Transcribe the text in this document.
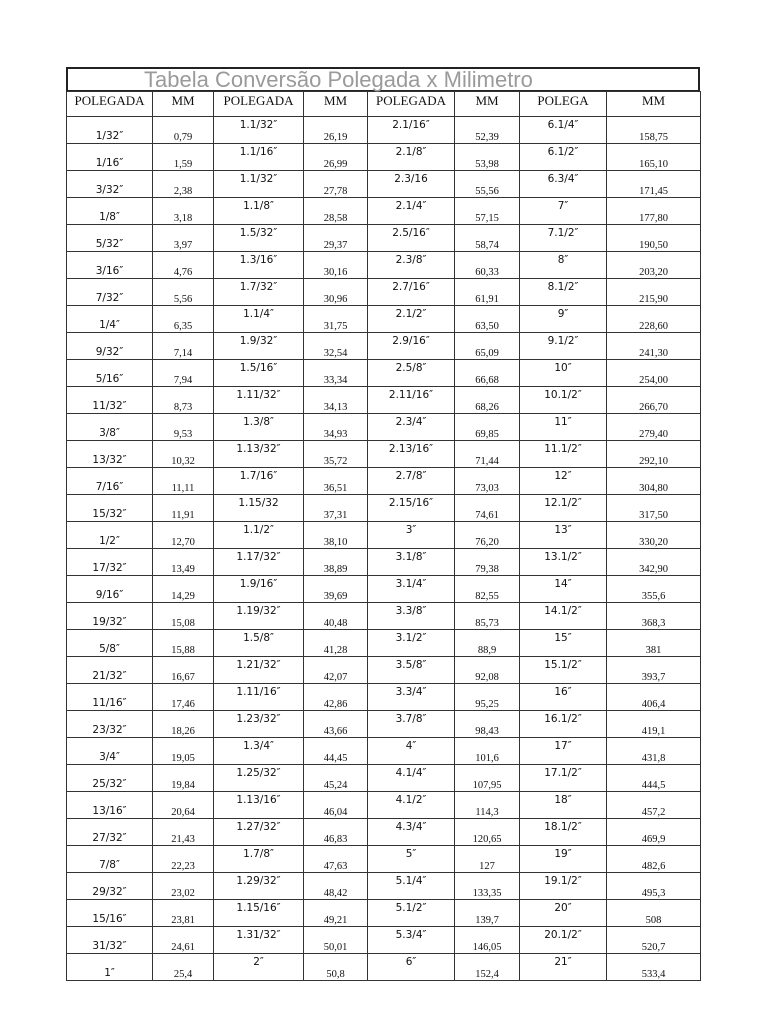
Tabela Conversão Polegada x Milimetro
POLEGADA	MM	POLEGADA	MM	POLEGADA	MM	POLEGA	MM
1/32″	0,79	1.1/32″	26,19	2.1/16″	52,39	6.1/4″	158,75
1/16″	1,59	1.1/16″	26,99	2.1/8″	53,98	6.1/2″	165,10
3/32″	2,38	1.1/32″	27,78	2.3/16	55,56	6.3/4″	171,45
1/8″	3,18	1.1/8″	28,58	2.1/4″	57,15	7″	177,80
5/32″	3,97	1.5/32″	29,37	2.5/16″	58,74	7.1/2″	190,50
3/16″	4,76	1.3/16″	30,16	2.3/8″	60,33	8″	203,20
7/32″	5,56	1.7/32″	30,96	2.7/16″	61,91	8.1/2″	215,90
1/4″	6,35	1.1/4″	31,75	2.1/2″	63,50	9″	228,60
9/32″	7,14	1.9/32″	32,54	2.9/16″	65,09	9.1/2″	241,30
5/16″	7,94	1.5/16″	33,34	2.5/8″	66,68	10″	254,00
11/32″	8,73	1.11/32″	34,13	2.11/16″	68,26	10.1/2″	266,70
3/8″	9,53	1.3/8″	34,93	2.3/4″	69,85	11″	279,40
13/32″	10,32	1.13/32″	35,72	2.13/16″	71,44	11.1/2″	292,10
7/16″	11,11	1.7/16″	36,51	2.7/8″	73,03	12″	304,80
15/32″	11,91	1.15/32	37,31	2.15/16″	74,61	12.1/2″	317,50
1/2″	12,70	1.1/2″	38,10	3″	76,20	13″	330,20
17/32″	13,49	1.17/32″	38,89	3.1/8″	79,38	13.1/2″	342,90
9/16″	14,29	1.9/16″	39,69	3.1/4″	82,55	14″	355,6
19/32″	15,08	1.19/32″	40,48	3.3/8″	85,73	14.1/2″	368,3
5/8″	15,88	1.5/8″	41,28	3.1/2″	88,9	15″	381
21/32″	16,67	1.21/32″	42,07	3.5/8″	92,08	15.1/2″	393,7
11/16″	17,46	1.11/16″	42,86	3.3/4″	95,25	16″	406,4
23/32″	18,26	1.23/32″	43,66	3.7/8″	98,43	16.1/2″	419,1
3/4″	19,05	1.3/4″	44,45	4″	101,6	17″	431,8
25/32″	19,84	1.25/32″	45,24	4.1/4″	107,95	17.1/2″	444,5
13/16″	20,64	1.13/16″	46,04	4.1/2″	114,3	18″	457,2
27/32″	21,43	1.27/32″	46,83	4.3/4″	120,65	18.1/2″	469,9
7/8″	22,23	1.7/8″	47,63	5″	127	19″	482,6
29/32″	23,02	1.29/32″	48,42	5.1/4″	133,35	19.1/2″	495,3
15/16″	23,81	1.15/16″	49,21	5.1/2″	139,7	20″	508
31/32″	24,61	1.31/32″	50,01	5.3/4″	146,05	20.1/2″	520,7
1″	25,4	2″	50,8	6″	152,4	21″	533,4
